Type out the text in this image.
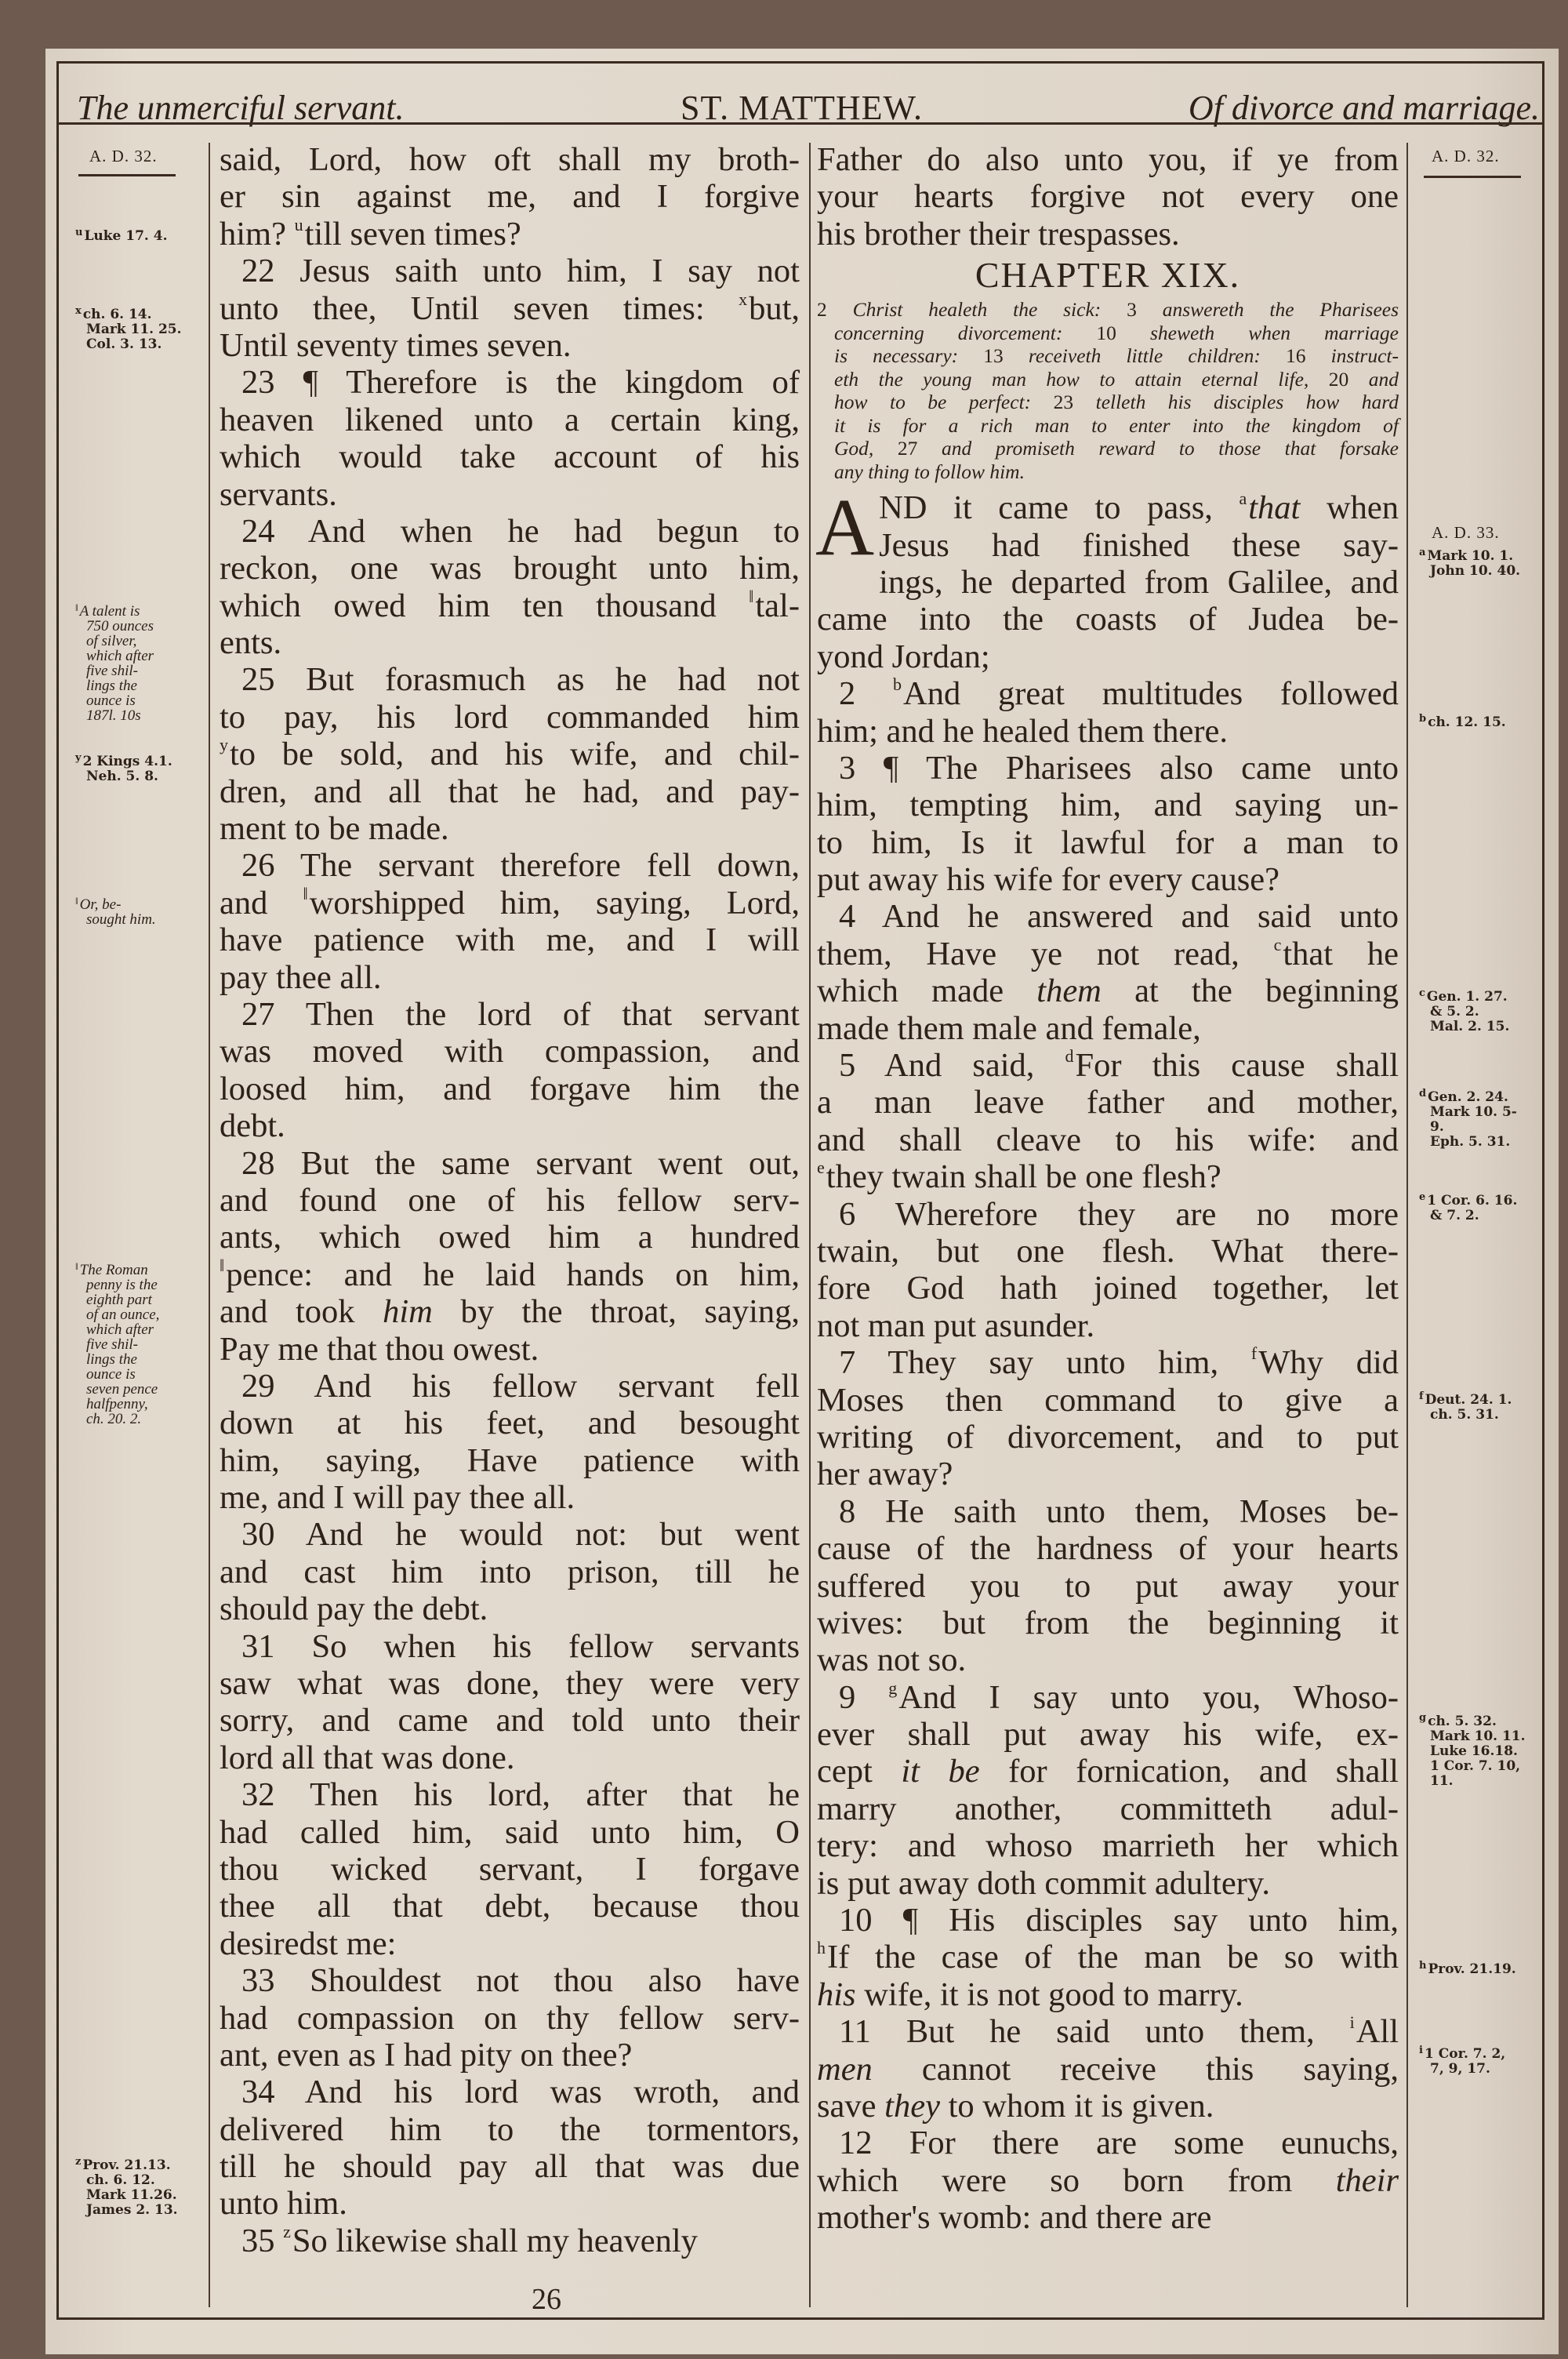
The unmerciful servant.	ST. MATTHEW.	Of divorce and marriage.
A. D. 32.
$^u$ Luke 17. 4.
$^x$ ch. 6. 14.
Mark 11. 25.
Col. 3. 13.
‖ A talent is
750 ounces
of silver,
which after
five shil-
lings the
ounce is
187l. 10s
$^y$ 2 Kings 4.1.
Neh. 5. 8.
‖ Or, be-
sought him.
‖ The Roman
penny is the
eighth part
of an ounce,
which after
five shil-
lings the
ounce is
seven pence
halfpenny,
ch. 20. 2.
$^z$ Prov. 21.13.
ch. 6. 12.
Mark 11.26.
James 2. 13.
said, Lord, how oft shall my broth-
er sin against me, and I forgive
him? $^u$till seven times?
22 Jesus saith unto him, I say not
unto thee, Until seven times: $^x$but,
Until seventy times seven.
23 ¶ Therefore is the kingdom of
heaven likened unto a certain king,
which would take account of his
servants.
24 And when he had begun to
reckon, one was brought unto him,
which owed him ten thousand ‖tal-
ents.
25 But forasmuch as he had not
to pay, his lord commanded him
$^y$to be sold, and his wife, and chil-
dren, and all that he had, and pay-
ment to be made.
26 The servant therefore fell down,
and ‖worshipped him, saying, Lord,
have patience with me, and I will
pay thee all.
27 Then the lord of that servant
was moved with compassion, and
loosed him, and forgave him the
debt.
28 But the same servant went out,
and found one of his fellow serv-
ants, which owed him a hundred
‖pence: and he laid hands on him,
and took him by the throat, saying,
Pay me that thou owest.
29 And his fellow servant fell
down at his feet, and besought
him, saying, Have patience with
me, and I will pay thee all.
30 And he would not: but went
and cast him into prison, till he
should pay the debt.
31 So when his fellow servants
saw what was done, they were very
sorry, and came and told unto their
lord all that was done.
32 Then his lord, after that he
had called him, said unto him, O
thou wicked servant, I forgave
thee all that debt, because thou
desiredst me:
33 Shouldest not thou also have
had compassion on thy fellow serv-
ant, even as I had pity on thee?
34 And his lord was wroth, and
delivered him to the tormentors,
till he should pay all that was due
unto him.
35 $^z$So likewise shall my heavenly
Father do also unto you, if ye from
your hearts forgive not every one
his brother their trespasses.
CHAPTER XIX.
2 Christ healeth the sick: 3 answereth the Pharisees
concerning divorcement: 10 sheweth when marriage
is necessary: 13 receiveth little children: 16 instruct-
eth the young man how to attain eternal life, 20 and
how to be perfect: 23 telleth his disciples how hard
it is for a rich man to enter into the kingdom of
God, 27 and promiseth reward to those that forsake
any thing to follow him.
A ND it came to pass, $^a$that when
Jesus had finished these say-
ings, he departed from Galilee, and
came into the coasts of Judea be-
yond Jordan;
2 $^b$And great multitudes followed
him; and he healed them there.
3 ¶ The Pharisees also came unto
him, tempting him, and saying un-
to him, Is it lawful for a man to
put away his wife for every cause?
4 And he answered and said unto
them, Have ye not read, $^c$that he
which made them at the beginning
made them male and female,
5 And said, $^d$For this cause shall
a man leave father and mother,
and shall cleave to his wife: and
$^e$they twain shall be one flesh?
6 Wherefore they are no more
twain, but one flesh. What there-
fore God hath joined together, let
not man put asunder.
7 They say unto him, $^f$Why did
Moses then command to give a
writing of divorcement, and to put
her away?
8 He saith unto them, Moses be-
cause of the hardness of your hearts
suffered you to put away your
wives: but from the beginning it
was not so.
9 $^g$And I say unto you, Whoso-
ever shall put away his wife, ex-
cept it be for fornication, and shall
marry another, committeth adul-
tery: and whoso marrieth her which
is put away doth commit adultery.
10 ¶ His disciples say unto him,
$^h$If the case of the man be so with
his wife, it is not good to marry.
11 But he said unto them, $^i$All
men cannot receive this saying,
save they to whom it is given.
12 For there are some eunuchs,
which were so born from their
mother's womb: and there are
A. D. 32.
A. D. 33.
$^a$ Mark 10. 1.
John 10. 40.
$^b$ ch. 12. 15.
$^c$ Gen. 1. 27.
& 5. 2.
Mal. 2. 15.
$^d$ Gen. 2. 24.
Mark 10. 5-
9.
Eph. 5. 31.
$^e$ 1 Cor. 6. 16.
& 7. 2.
$^f$ Deut. 24. 1.
ch. 5. 31.
$^g$ ch. 5. 32.
Mark 10. 11.
Luke 16.18.
1 Cor. 7. 10,
11.
$^h$ Prov. 21.19.
$^i$ 1 Cor. 7. 2,
7, 9, 17.
26
